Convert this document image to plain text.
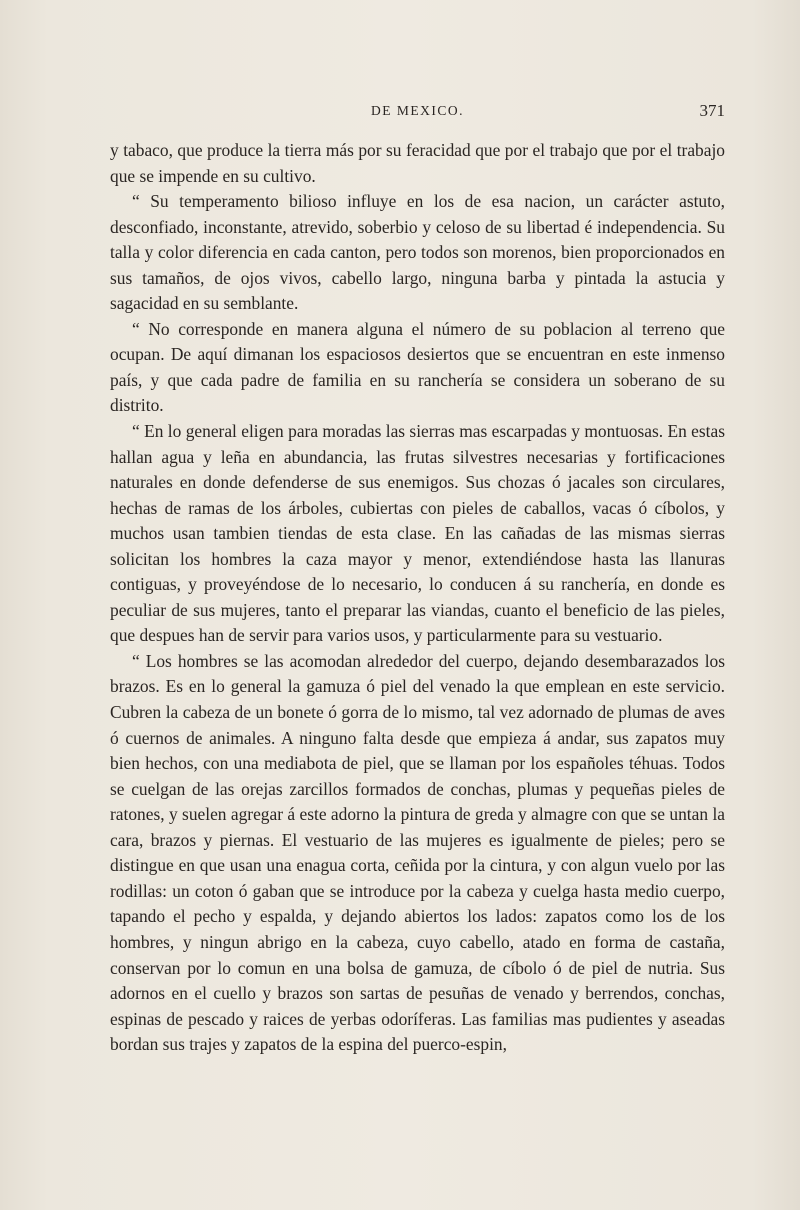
DE MEXICO.	371

y tabaco, que produce la tierra más por su feracidad que por el trabajo que por el trabajo que se impende en su cultivo.

“ Su temperamento bilioso influye en los de esa nacion, un carácter astuto, desconfiado, inconstante, atrevido, soberbio y celoso de su libertad é independencia. Su talla y color diferencia en cada canton, pero todos son morenos, bien proporcionados en sus tamaños, de ojos vivos, cabello largo, ninguna barba y pintada la astucia y sagacidad en su semblante.

“ No corresponde en manera alguna el número de su poblacion al terreno que ocupan. De aquí dimanan los espaciosos desiertos que se encuentran en este inmenso país, y que cada padre de familia en su ranchería se considera un soberano de su distrito.

“ En lo general eligen para moradas las sierras mas escarpadas y montuosas. En estas hallan agua y leña en abundancia, las frutas silvestres necesarias y fortificaciones naturales en donde defenderse de sus enemigos. Sus chozas ó jacales son circulares, hechas de ramas de los árboles, cubiertas con pieles de caballos, vacas ó cíbolos, y muchos usan tambien tiendas de esta clase. En las cañadas de las mismas sierras solicitan los hombres la caza mayor y menor, extendiéndose hasta las llanuras contiguas, y proveyéndose de lo necesario, lo conducen á su ranchería, en donde es peculiar de sus mujeres, tanto el preparar las viandas, cuanto el beneficio de las pieles, que despues han de servir para varios usos, y particularmente para su vestuario.

“ Los hombres se las acomodan alrededor del cuerpo, dejando desembarazados los brazos. Es en lo general la gamuza ó piel del venado la que emplean en este servicio. Cubren la cabeza de un bonete ó gorra de lo mismo, tal vez adornado de plumas de aves ó cuernos de animales. A ninguno falta desde que empieza á andar, sus zapatos muy bien hechos, con una mediabota de piel, que se llaman por los españoles téhuas. Todos se cuelgan de las orejas zarcillos formados de conchas, plumas y pequeñas pieles de ratones, y suelen agregar á este adorno la pintura de greda y almagre con que se untan la cara, brazos y piernas. El vestuario de las mujeres es igualmente de pieles; pero se distingue en que usan una enagua corta, ceñida por la cintura, y con algun vuelo por las rodillas: un coton ó gaban que se introduce por la cabeza y cuelga hasta medio cuerpo, tapando el pecho y espalda, y dejando abiertos los lados: zapatos como los de los hombres, y ningun abrigo en la cabeza, cuyo cabello, atado en forma de castaña, conservan por lo comun en una bolsa de gamuza, de cíbolo ó de piel de nutria. Sus adornos en el cuello y brazos son sartas de pesuñas de venado y berrendos, conchas, espinas de pescado y raices de yerbas odoríferas. Las familias mas pudientes y aseadas bordan sus trajes y zapatos de la espina del puerco-espin,
